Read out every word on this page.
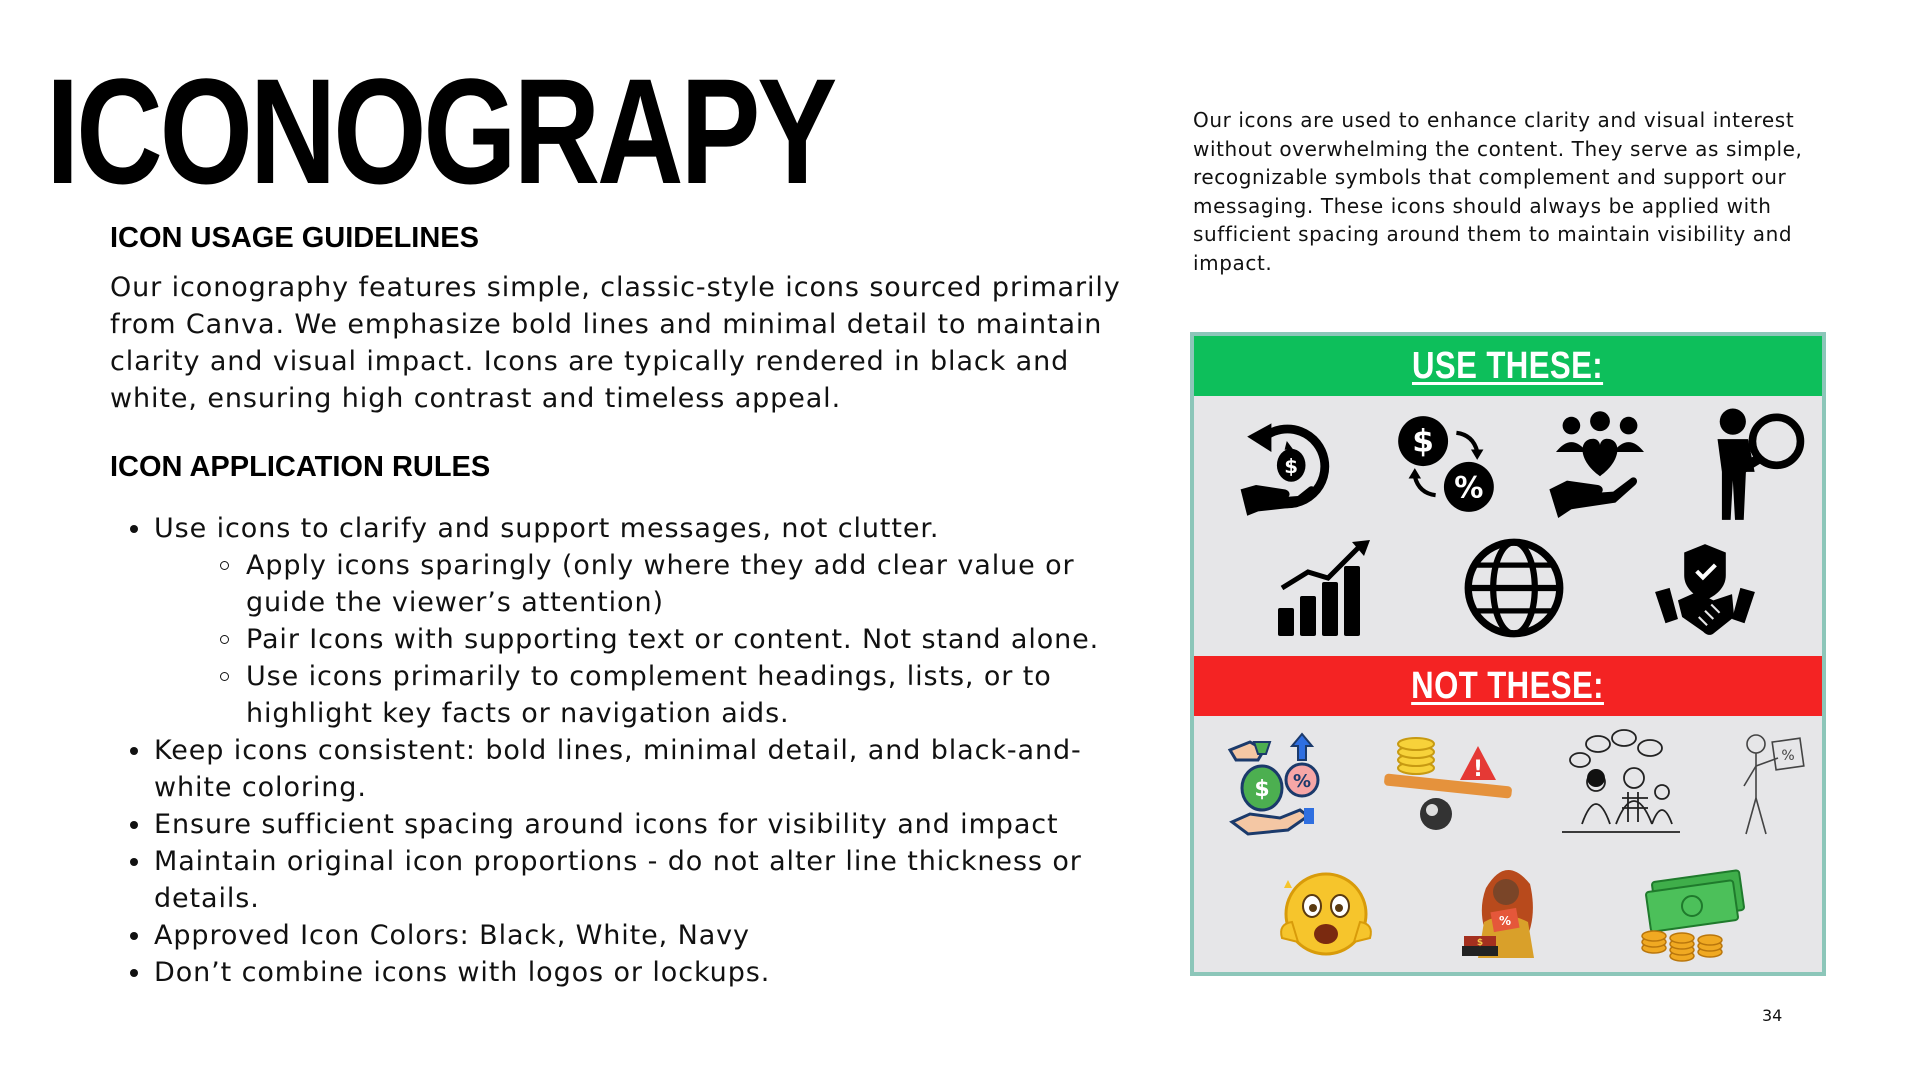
ICONOGRAPY
ICON USAGE GUIDELINES

Our iconography features simple, classic-style icons sourced primarily from Canva. We emphasize bold lines and minimal detail to maintain clarity and visual impact. Icons are typically rendered in black and white, ensuring high contrast and timeless appeal.

ICON APPLICATION RULES
Use icons to clarify and support messages, not clutter.
Apply icons sparingly (only where they add clear value or guide the viewer’s attention)
Pair Icons with supporting text or content. Not stand alone.
Use icons primarily to complement headings, lists, or to highlight key facts or navigation aids.
Keep icons consistent: bold lines, minimal detail, and black-and-white coloring.
Ensure sufficient spacing around icons for visibility and impact
Maintain original icon proportions - do not alter line thickness or details.
Approved Icon Colors: Black, White, Navy
Don’t combine icons with logos or lockups.

Our icons are used to enhance clarity and visual interest without overwhelming the content. They serve as simple, recognizable symbols that complement and support our messaging. These icons should always be applied with sufficient spacing around them to maintain visibility and impact.

USE THESE:
$
$
%
NOT THESE:
$ %	!
%
%
$
34
